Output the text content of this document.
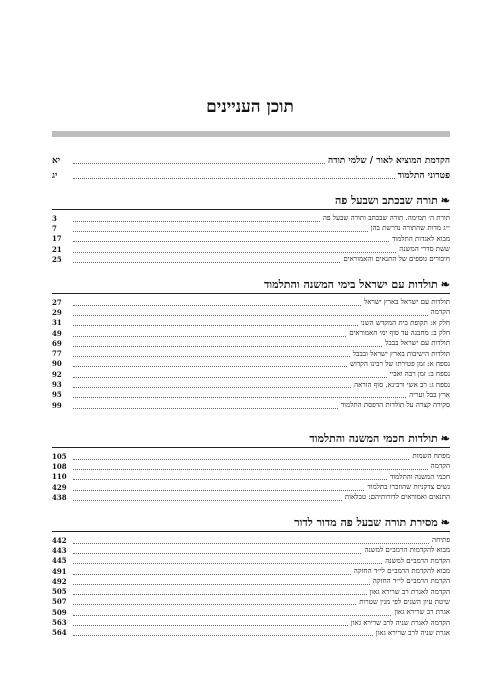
תוכן העניינים
הקדמת המוציא לאור / שלמי תודה
יא
פטרוני התלמוד
יג
❧
תורה שבכתב ושבעל פה
תורת ה׳ תמימה. תורה שבכתב ותורה שבעל פה
3
י״ג מדות שהתורה נדרשת בהן
7
מבוא לאגדות התלמוד
17
ששת סדרי המשנה
21
חיבורים נוספים של התנאים והאמוראים
25
❧
תולדות עם ישראל בימי המשנה והתלמוד
תולדות עם ישראל בארץ ישראל
27
הקדמה
29
חלק א: תקופת בית המקדש השני
31
חלק ב: מחבנה עד סוף ימי האמוראים
49
תולדות עם ישראל בבבל
69
תולדות הישיבות בארץ ישראל ובבבל
77
נספח א: זמן פטירתו של רבינו הקדוש
90
נספח ב: זמן רבה ואביי
92
נספח ג: רב אשי ורבינא, סוף הוראה
93
ארץ בבל ועריה
95
סקירה קצרה על תולדות הדפסת התלמוד
99
❧
תולדות חכמי המשנה והתלמוד
מפתח השמות
105
הקדמה
108
חכמי המשנה והתלמוד
110
נשים צדקניות שהוזכרו בתלמוד
429
התנאים ואמוראים לדורותיהם: טבלאות
438
❧
מסירת תורה שבעל פה מדור לדור
פתיחה
442
מבוא להקדמות הרמב״ם למשנה
443
הקדמת הרמב״ם למשנה
445
מבוא להקדמת הרמב״ם לי״ד החזקה
491
הקדמת הרמב״ם לי״ד החזקה
492
הקדמה לאגרת רב שרירא גאון
505
שיטת עיון השנים לפי מנין שטרות
507
אגרת רב שרירא גאון
509
הקדמה לאגרת שניה לרב שרירא גאון
563
אגרת שניה לרב שרירא גאון
564
